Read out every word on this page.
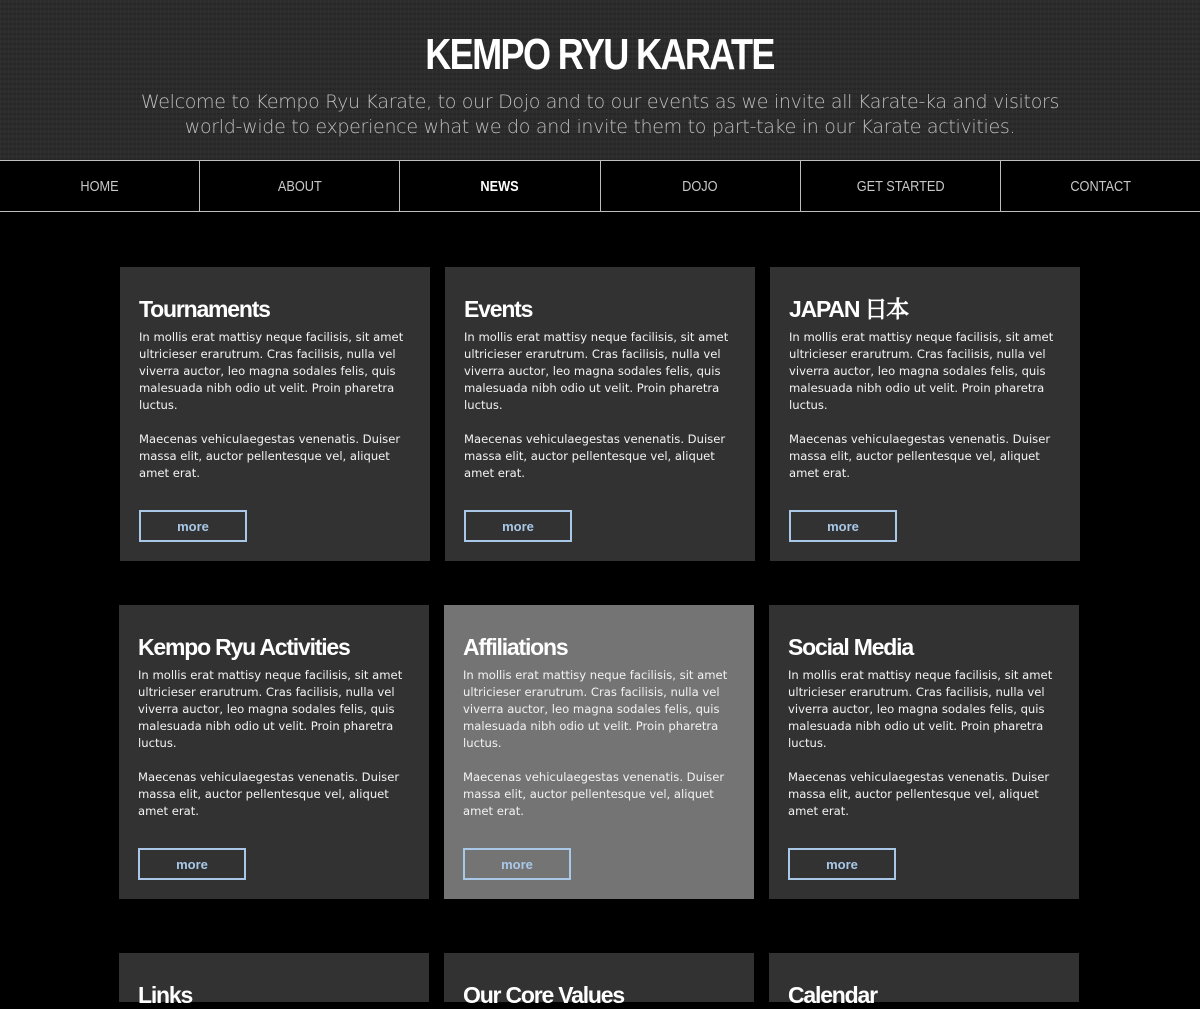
KEMPO RYU KARATE

Welcome to Kempo Ryu Karate, to our Dojo and to our events as we invite all Karate-ka and visitors world-wide to experience what we do and invite them to part-take in our Karate activities.

HOME	ABOUT	NEWS	DOJO	GET STARTED	CONTACT
Tournaments

In mollis erat mattisy neque facilisis, sit amet ultricieser erarutrum. Cras facilisis, nulla vel viverra auctor, leo magna sodales felis, quis malesuada nibh odio ut velit. Proin pharetra luctus.

Maecenas vehiculaegestas venenatis. Duiser massa elit, auctor pellentesque vel, aliquet amet erat.

more
Events

In mollis erat mattisy neque facilisis, sit amet ultricieser erarutrum. Cras facilisis, nulla vel viverra auctor, leo magna sodales felis, quis malesuada nibh odio ut velit. Proin pharetra luctus.

Maecenas vehiculaegestas venenatis. Duiser massa elit, auctor pellentesque vel, aliquet amet erat.

more
JAPAN 日本

In mollis erat mattisy neque facilisis, sit amet ultricieser erarutrum. Cras facilisis, nulla vel viverra auctor, leo magna sodales felis, quis malesuada nibh odio ut velit. Proin pharetra luctus.

Maecenas vehiculaegestas venenatis. Duiser massa elit, auctor pellentesque vel, aliquet amet erat.

more
Kempo Ryu Activities

In mollis erat mattisy neque facilisis, sit amet ultricieser erarutrum. Cras facilisis, nulla vel viverra auctor, leo magna sodales felis, quis malesuada nibh odio ut velit. Proin pharetra luctus.

Maecenas vehiculaegestas venenatis. Duiser massa elit, auctor pellentesque vel, aliquet amet erat.

more
Affiliations

In mollis erat mattisy neque facilisis, sit amet ultricieser erarutrum. Cras facilisis, nulla vel viverra auctor, leo magna sodales felis, quis malesuada nibh odio ut velit. Proin pharetra luctus.

Maecenas vehiculaegestas venenatis. Duiser massa elit, auctor pellentesque vel, aliquet amet erat.

more
Social Media

In mollis erat mattisy neque facilisis, sit amet ultricieser erarutrum. Cras facilisis, nulla vel viverra auctor, leo magna sodales felis, quis malesuada nibh odio ut velit. Proin pharetra luctus.

Maecenas vehiculaegestas venenatis. Duiser massa elit, auctor pellentesque vel, aliquet amet erat.

more
Links	Our Core Values	Calendar
